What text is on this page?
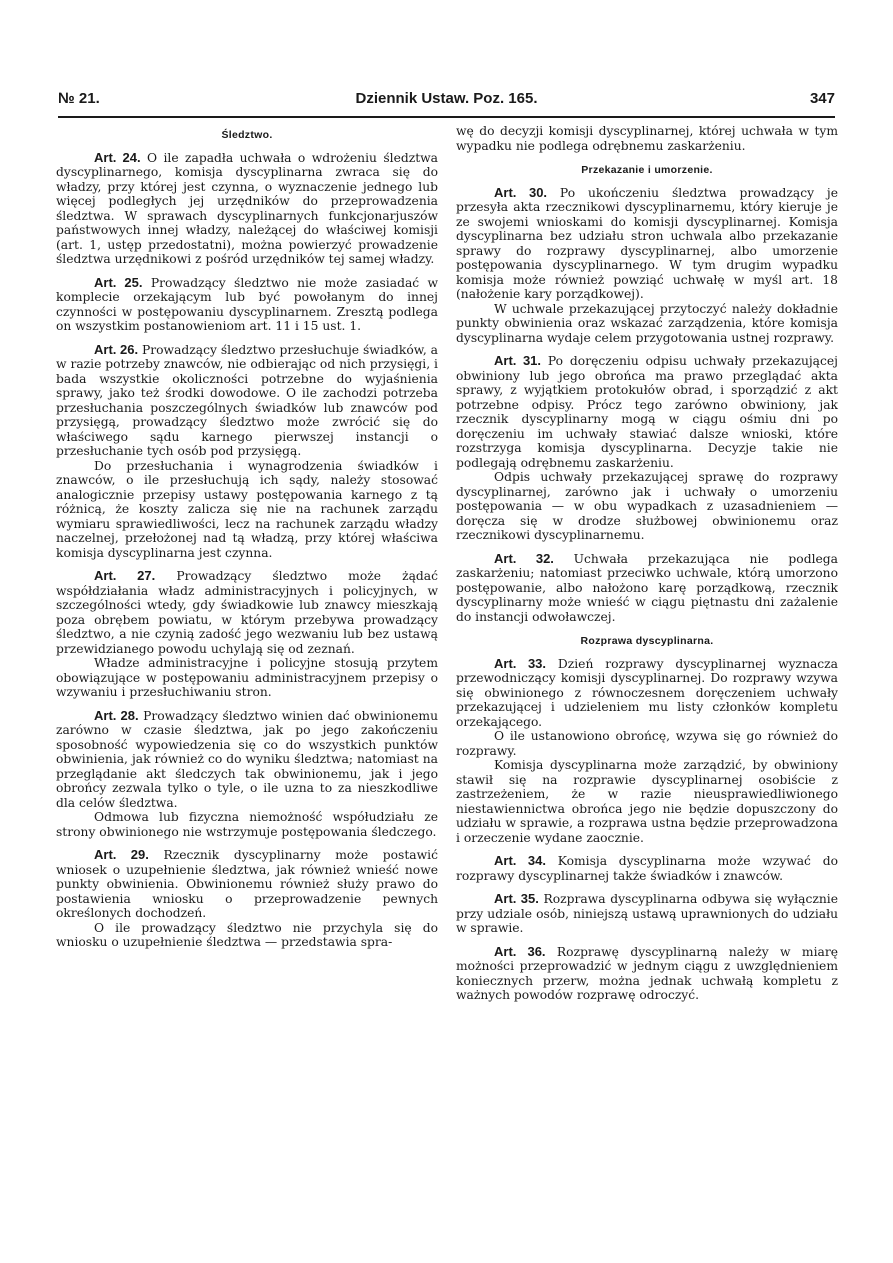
№ 21.	Dziennik Ustaw. Poz. 165.	347
Śledztwo.

Art. 24. O ile zapadła uchwała o wdrożeniu śledztwa dyscyplinarnego, komisja dyscyplinarna zwraca się do władzy, przy której jest czynna, o wyznaczenie jednego lub więcej podległych jej urzędników do przeprowadzenia śledztwa. W sprawach dyscyplinarnych funkcjonarjuszów państwowych innej władzy, należącej do właściwej komisji (art. 1, ustęp przedostatni), można powierzyć prowadzenie śledztwa urzędnikowi z pośród urzędników tej samej władzy.

Art. 25. Prowadzący śledztwo nie może zasiadać w komplecie orzekającym lub być powołanym do innej czynności w postępowaniu dyscyplinarnem. Zresztą podlega on wszystkim postanowieniom art. 11 i 15 ust. 1.

Art. 26. Prowadzący śledztwo przesłuchuje świadków, a w razie potrzeby znawców, nie odbierając od nich przysięgi, i bada wszystkie okoliczności potrzebne do wyjaśnienia sprawy, jako też środki dowodowe. O ile zachodzi potrzeba przesłuchania poszczególnych świadków lub znawców pod przysięgą, prowadzący śledztwo może zwrócić się do właściwego sądu karnego pierwszej instancji o przesłuchanie tych osób pod przysięgą.

Do przesłuchania i wynagrodzenia świadków i znawców, o ile przesłuchują ich sądy, należy stosować analogicznie przepisy ustawy postępowania karnego z tą różnicą, że koszty zalicza się nie na rachunek zarządu wymiaru sprawiedliwości, lecz na rachunek zarządu władzy naczelnej, przełożonej nad tą władzą, przy której właściwa komisja dyscyplinarna jest czynna.

Art. 27. Prowadzący śledztwo może żądać współdziałania władz administracyjnych i policyjnych, w szczególności wtedy, gdy świadkowie lub znawcy mieszkają poza obrębem powiatu, w którym przebywa prowadzący śledztwo, a nie czynią zadość jego wezwaniu lub bez ustawą przewidzianego powodu uchylają się od zeznań.

Władze administracyjne i policyjne stosują przytem obowiązujące w postępowaniu administracyjnem przepisy o wzywaniu i przesłuchiwaniu stron.

Art. 28. Prowadzący śledztwo winien dać obwinionemu zarówno w czasie śledztwa, jak po jego zakończeniu sposobność wypowiedzenia się co do wszystkich punktów obwinienia, jak również co do wyniku śledztwa; natomiast na przeglądanie akt śledczych tak obwinionemu, jak i jego obrońcy zezwala tylko o tyle, o ile uzna to za nieszkodliwe dla celów śledztwa.

Odmowa lub fizyczna niemożność współudziału ze strony obwinionego nie wstrzymuje postępowania śledczego.

Art. 29. Rzecznik dyscyplinarny może postawić wniosek o uzupełnienie śledztwa, jak również wnieść nowe punkty obwinienia. Obwinionemu również służy prawo do postawienia wniosku o przeprowadzenie pewnych określonych dochodzeń.

O ile prowadzący śledztwo nie przychyla się do wniosku o uzupełnienie śledztwa — przedstawia spra-

wę do decyzji komisji dyscyplinarnej, której uchwała w tym wypadku nie podlega odrębnemu zaskarżeniu.

Przekazanie i umorzenie.

Art. 30. Po ukończeniu śledztwa prowadzący je przesyła akta rzecznikowi dyscyplinarnemu, który kieruje je ze swojemi wnioskami do komisji dyscyplinarnej. Komisja dyscyplinarna bez udziału stron uchwala albo przekazanie sprawy do rozprawy dyscyplinarnej, albo umorzenie postępowania dyscyplinarnego. W tym drugim wypadku komisja może również powziąć uchwałę w myśl art. 18 (nałożenie kary porządkowej).

W uchwale przekazującej przytoczyć należy dokładnie punkty obwinienia oraz wskazać zarządzenia, które komisja dyscyplinarna wydaje celem przygotowania ustnej rozprawy.

Art. 31. Po doręczeniu odpisu uchwały przekazującej obwiniony lub jego obrońca ma prawo przeglądać akta sprawy, z wyjątkiem protokułów obrad, i sporządzić z akt potrzebne odpisy. Prócz tego zarówno obwiniony, jak rzecznik dyscyplinarny mogą w ciągu ośmiu dni po doręczeniu im uchwały stawiać dalsze wnioski, które rozstrzyga komisja dyscyplinarna. Decyzje takie nie podlegają odrębnemu zaskarżeniu.

Odpis uchwały przekazującej sprawę do rozprawy dyscyplinarnej, zarówno jak i uchwały o umorzeniu postępowania — w obu wypadkach z uzasadnieniem — doręcza się w drodze służbowej obwinionemu oraz rzecznikowi dyscyplinarnemu.

Art. 32. Uchwała przekazująca nie podlega zaskarżeniu; natomiast przeciwko uchwale, którą umorzono postępowanie, albo nałożono karę porządkową, rzecznik dyscyplinarny może wnieść w ciągu piętnastu dni zażalenie do instancji odwoławczej.

Rozprawa dyscyplinarna.

Art. 33. Dzień rozprawy dyscyplinarnej wyznacza przewodniczący komisji dyscyplinarnej. Do rozprawy wzywa się obwinionego z równoczesnem doręczeniem uchwały przekazującej i udzieleniem mu listy członków kompletu orzekającego.

O ile ustanowiono obrońcę, wzywa się go również do rozprawy.

Komisja dyscyplinarna może zarządzić, by obwiniony stawił się na rozprawie dyscyplinarnej osobiście z zastrzeżeniem, że w razie nieusprawiedliwionego niestawiennictwa obrońca jego nie będzie dopuszczony do udziału w sprawie, a rozprawa ustna będzie przeprowadzona i orzeczenie wydane zaocznie.

Art. 34. Komisja dyscyplinarna może wzywać do rozprawy dyscyplinarnej także świadków i znawców.

Art. 35. Rozprawa dyscyplinarna odbywa się wyłącznie przy udziale osób, niniejszą ustawą uprawnionych do udziału w sprawie.

Art. 36. Rozprawę dyscyplinarną należy w miarę możności przeprowadzić w jednym ciągu z uwzględnieniem koniecznych przerw, można jednak uchwałą kompletu z ważnych powodów rozprawę odroczyć.
